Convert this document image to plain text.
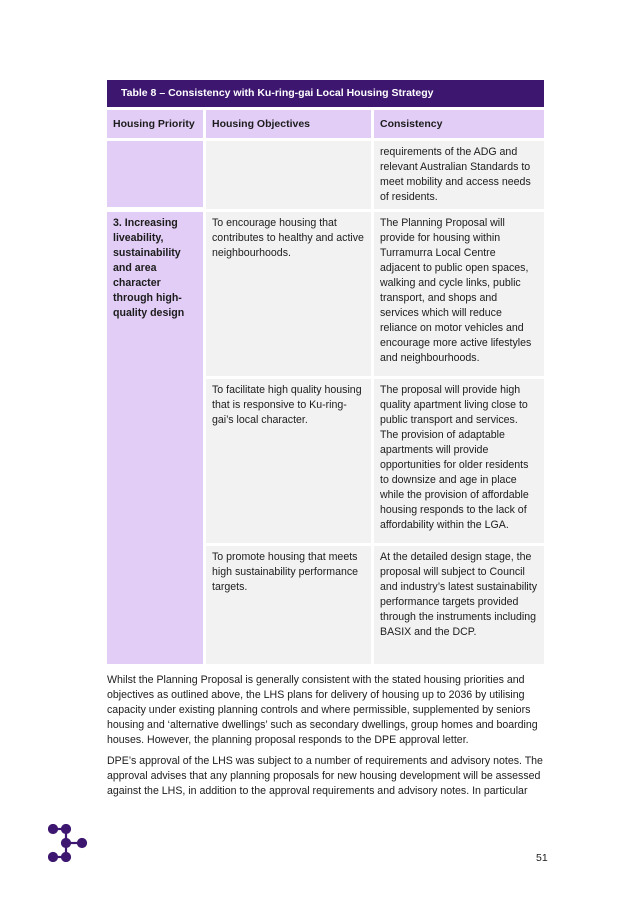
Table 8 – Consistency with Ku-ring-gai Local Housing Strategy
Housing Priority	Housing Objectives	Consistency
requirements of the ADG and relevant Australian Standards to meet mobility and access needs of residents.
3. Increasing liveability, sustainability and area character through high-quality design
To encourage housing that contributes to healthy and active neighbourhoods.
The Planning Proposal will provide for housing within Turramurra Local Centre adjacent to public open spaces, walking and cycle links, public transport, and shops and services which will reduce reliance on motor vehicles and encourage more active lifestyles and neighbourhoods.
To facilitate high quality housing that is responsive to Ku-ring-gai’s local character.
The proposal will provide high quality apartment living close to public transport and services. The provision of adaptable apartments will provide opportunities for older residents to downsize and age in place while the provision of affordable housing responds to the lack of affordability within the LGA.
To promote housing that meets high sustainability performance targets.
At the detailed design stage, the proposal will subject to Council and industry’s latest sustainability performance targets provided through the instruments including BASIX and the DCP.

Whilst the Planning Proposal is generally consistent with the stated housing priorities and objectives as outlined above, the LHS plans for delivery of housing up to 2036 by utilising capacity under existing planning controls and where permissible, supplemented by seniors housing and ‘alternative dwellings’ such as secondary dwellings, group homes and boarding houses. However, the planning proposal responds to the DPE approval letter.

DPE’s approval of the LHS was subject to a number of requirements and advisory notes. The approval advises that any planning proposals for new housing development will be assessed against the LHS, in addition to the approval requirements and advisory notes. In particular

51
